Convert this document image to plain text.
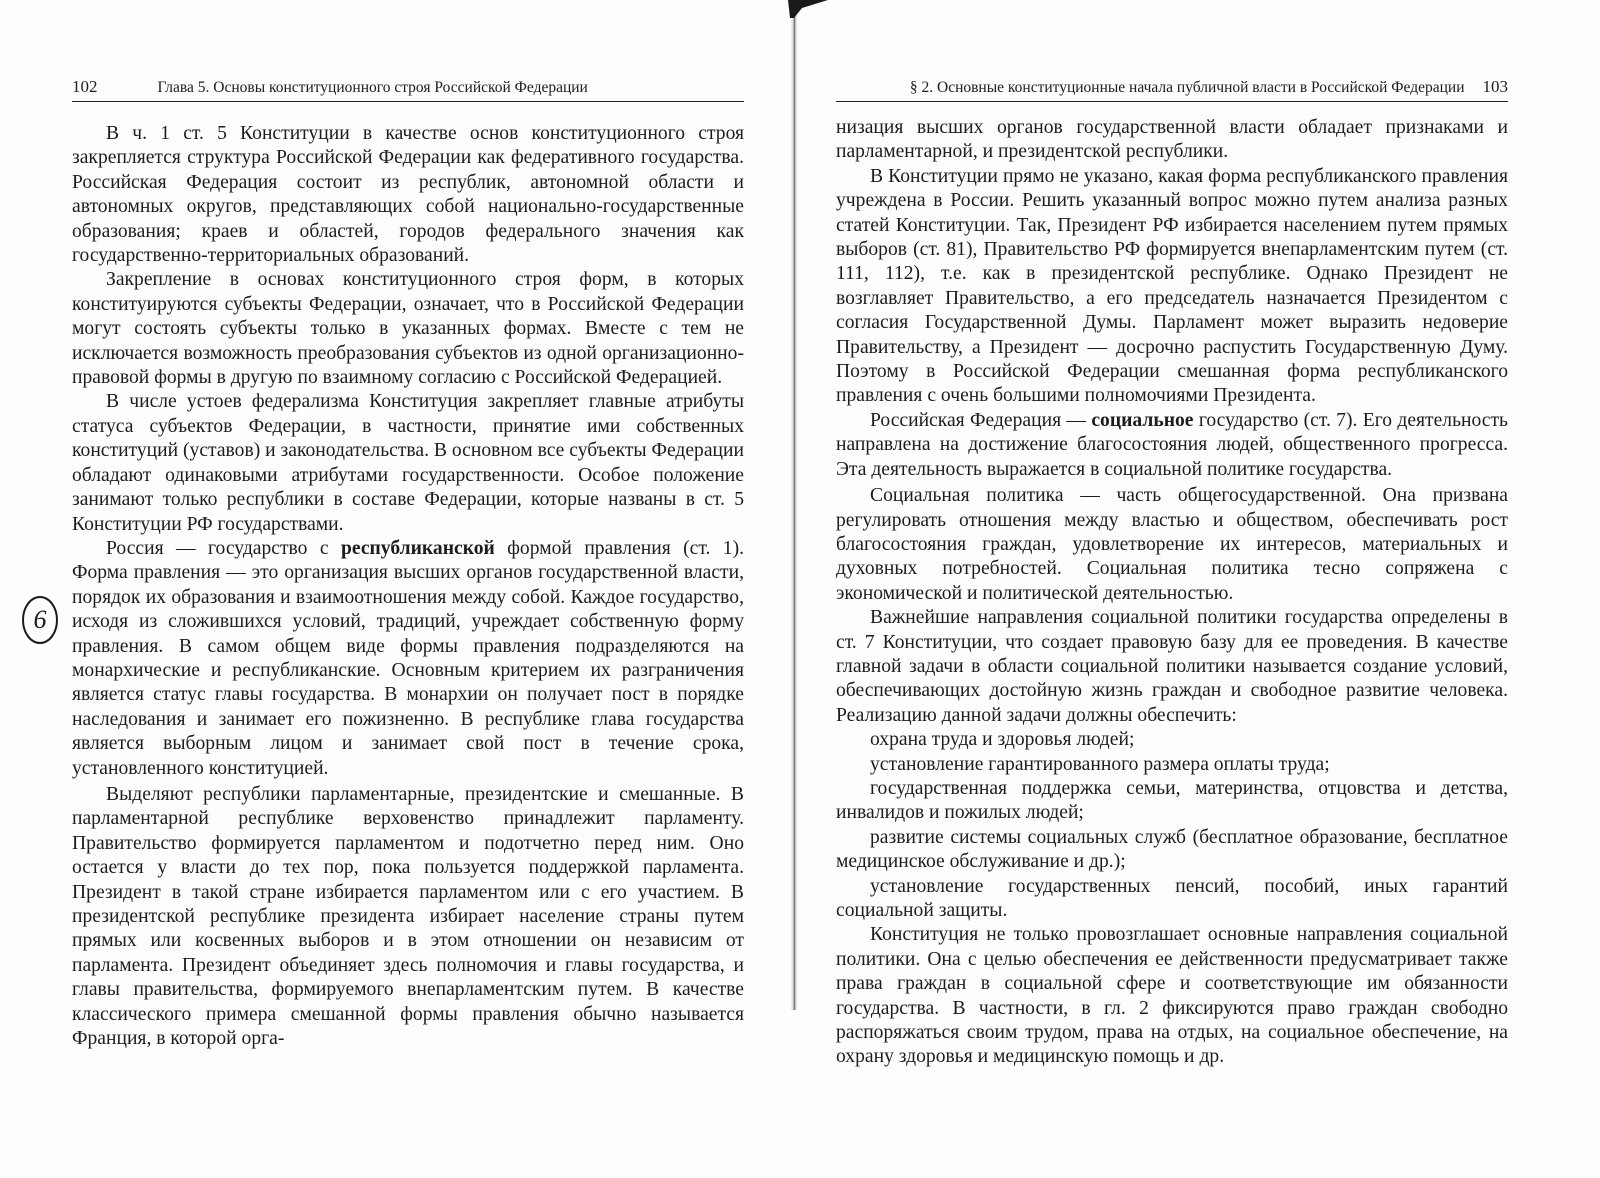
102	Глава 5. Основы конституционного строя Российской Федерации

В ч. 1 ст. 5 Конституции в качестве основ конституционного строя закрепляется структура Российской Федерации как федеративного государства. Российская Федерация состоит из республик, автономной области и автономных округов, представляющих собой национально-государственные образования; краев и областей, городов федерального значения как государственно-территориальных образований.

Закрепление в основах конституционного строя форм, в которых конституируются субъекты Федерации, означает, что в Российской Федерации могут состоять субъекты только в указанных формах. Вместе с тем не исключается возможность преобразования субъектов из одной организационно-правовой формы в другую по взаимному согласию с Российской Федерацией.

В числе устоев федерализма Конституция закрепляет главные атрибуты статуса субъектов Федерации, в частности, принятие ими собственных конституций (уставов) и законодательства. В основном все субъекты Федерации обладают одинаковыми атрибутами государственности. Особое положение занимают только республики в составе Федерации, которые названы в ст. 5 Конституции РФ государствами.

Россия — государство с республиканской формой правления (ст. 1). Форма правления — это организация высших органов государственной власти, порядок их образования и взаимоотношения между собой. Каждое государство, исходя из сложившихся условий, традиций, учреждает собственную форму правления. В самом общем виде формы правления подразделяются на монархические и республиканские. Основным критерием их разграничения является статус главы государства. В монархии он получает пост в порядке наследования и занимает его пожизненно. В республике глава государства является выборным лицом и занимает свой пост в течение срока, установленного конституцией.

Выделяют республики парламентарные, президентские и смешанные. В парламентарной республике верховенство принадлежит парламенту. Правительство формируется парламентом и подотчетно перед ним. Оно остается у власти до тех пор, пока пользуется поддержкой парламента. Президент в такой стране избирается парламентом или с его участием. В президентской республике президента избирает население страны путем прямых или косвенных выборов и в этом отношении он независим от парламента. Президент объединяет здесь полномочия и главы государства, и главы правительства, формируемого внепарламентским путем. В качестве классического примера смешанной формы правления обычно называется Франция, в которой орга-

6
§ 2. Основные конституционные начала публичной власти в Российской Федерации 103

низация высших органов государственной власти обладает признаками и парламентарной, и президентской республики.

В Конституции прямо не указано, какая форма республиканского правления учреждена в России. Решить указанный вопрос можно путем анализа разных статей Конституции. Так, Президент РФ избирается населением путем прямых выборов (ст. 81), Правительство РФ формируется внепарламентским путем (ст. 111, 112), т.е. как в президентской республике. Однако Президент не возглавляет Правительство, а его председатель назначается Президентом с согласия Государственной Думы. Парламент может выразить недоверие Правительству, а Президент — досрочно распустить Государственную Думу. Поэтому в Российской Федерации смешанная форма республиканского правления с очень большими полномочиями Президента.

Российская Федерация — социальное государство (ст. 7). Его деятельность направлена на достижение благосостояния людей, общественного прогресса. Эта деятельность выражается в социальной политике государства.

Социальная политика — часть общегосударственной. Она призвана регулировать отношения между властью и обществом, обеспечивать рост благосостояния граждан, удовлетворение их интересов, материальных и духовных потребностей. Социальная политика тесно сопряжена с экономической и политической деятельностью.

Важнейшие направления социальной политики государства определены в ст. 7 Конституции, что создает правовую базу для ее проведения. В качестве главной задачи в области социальной политики называется создание условий, обеспечивающих достойную жизнь граждан и свободное развитие человека. Реализацию данной задачи должны обеспечить:

охрана труда и здоровья людей;

установление гарантированного размера оплаты труда;

государственная поддержка семьи, материнства, отцовства и детства, инвалидов и пожилых людей;

развитие системы социальных служб (бесплатное образование, бесплатное медицинское обслуживание и др.);

установление государственных пенсий, пособий, иных гарантий социальной защиты.

Конституция не только провозглашает основные направления социальной политики. Она с целью обеспечения ее действенности предусматривает также права граждан в социальной сфере и соответствующие им обязанности государства. В частности, в гл. 2 фиксируются право граждан свободно распоряжаться своим трудом, права на отдых, на социальное обеспечение, на охрану здоровья и медицинскую помощь и др.
